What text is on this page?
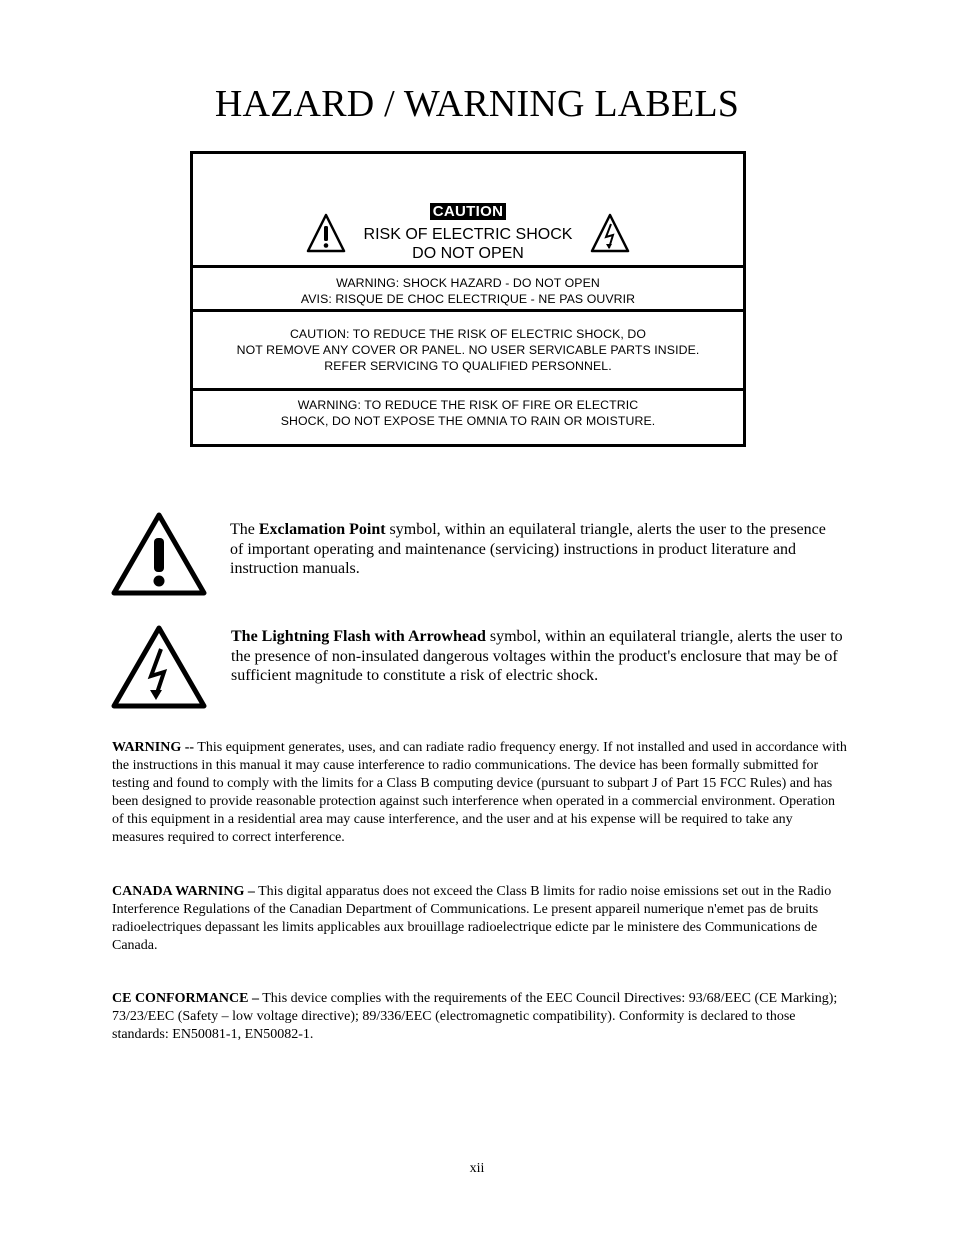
HAZARD / WARNING LABELS
CAUTION
RISK OF ELECTRIC SHOCK
DO NOT OPEN
WARNING: SHOCK HAZARD - DO NOT OPEN
AVIS: RISQUE DE CHOC ELECTRIQUE - NE PAS OUVRIR
CAUTION: TO REDUCE THE RISK OF ELECTRIC SHOCK, DO
NOT REMOVE ANY COVER OR PANEL. NO USER SERVICABLE PARTS INSIDE.
REFER SERVICING TO QUALIFIED PERSONNEL.
WARNING: TO REDUCE THE RISK OF FIRE OR ELECTRIC
SHOCK, DO NOT EXPOSE THE OMNIA TO RAIN OR MOISTURE.
The Exclamation Point symbol, within an equilateral triangle, alerts the user to the presence of important operating and maintenance (servicing) instructions in product literature and instruction manuals.
The Lightning Flash with Arrowhead symbol, within an equilateral triangle, alerts the user to the presence of non-insulated dangerous voltages within the product's enclosure that may be of sufficient magnitude to constitute a risk of electric shock.
WARNING -- This equipment generates, uses, and can radiate radio frequency energy. If not installed and used in accordance with the instructions in this manual it may cause interference to radio communications. The device has been formally submitted for testing and found to comply with the limits for a Class B computing device (pursuant to subpart J of Part 15 FCC Rules) and has been designed to provide reasonable protection against such interference when operated in a commercial environment. Operation of this equipment in a residential area may cause interference, and the user and at his expense will be required to take any measures required to correct interference.
CANADA WARNING – This digital apparatus does not exceed the Class B limits for radio noise emissions set out in the Radio Interference Regulations of the Canadian Department of Communications. Le present appareil numerique n'emet pas de bruits radioelectriques depassant les limits applicables aux brouillage radioelectrique edicte par le ministere des Communications de Canada.
CE CONFORMANCE – This device complies with the requirements of the EEC Council Directives: 93/68/EEC (CE Marking); 73/23/EEC (Safety – low voltage directive); 89/336/EEC (electromagnetic compatibility). Conformity is declared to those standards: EN50081-1, EN50082-1.
xii
